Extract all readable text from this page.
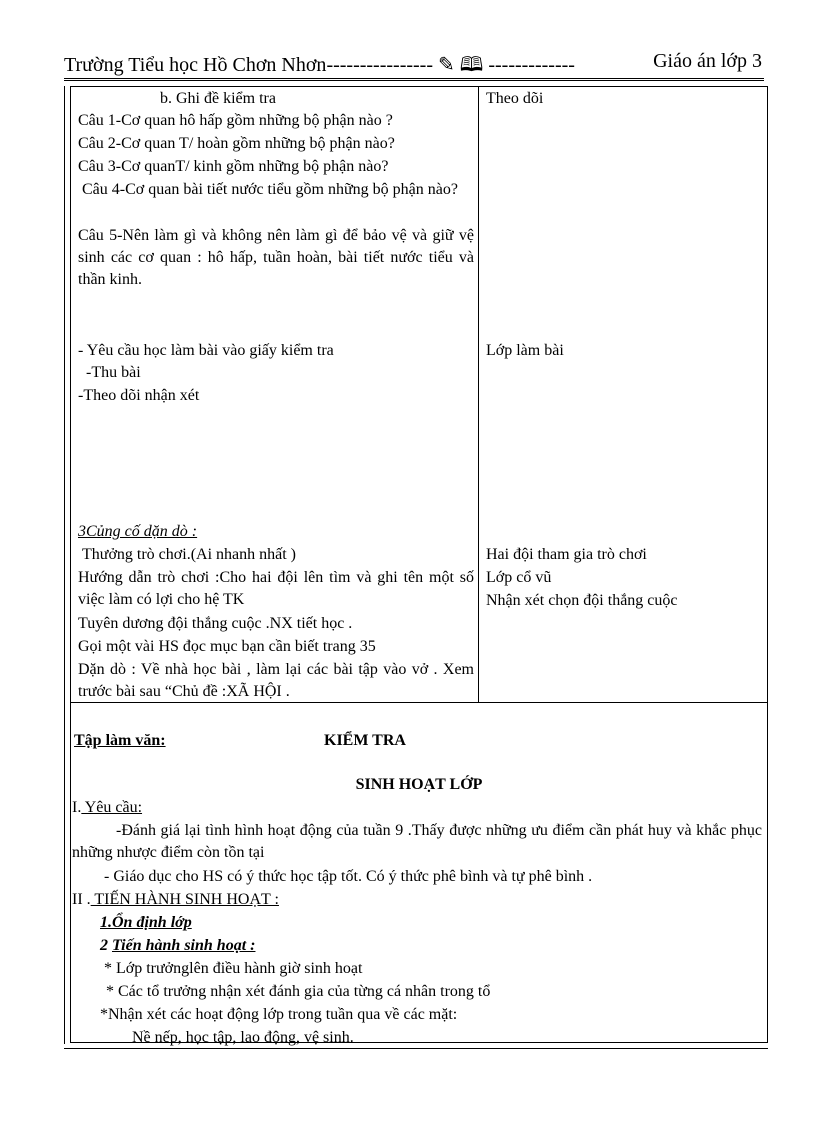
Trường Tiểu học Hồ Chơn Nhơn---------------- ✎ 🕮 -------------	Giáo án lớp 3
b. Ghi đề kiểm tra
Câu 1-Cơ quan hô hấp gồm những bộ phận nào ?
Câu 2-Cơ quan T/ hoàn gồm những bộ phận nào?
Câu 3-Cơ quanT/ kinh gồm những bộ phận nào?
Câu 4-Cơ quan bài tiết nước tiểu gồm những bộ phận nào?
Câu 5-Nên làm gì và không nên làm gì để bảo vệ và giữ vệ sinh các cơ quan : hô hấp, tuần hoàn, bài tiết nước tiểu và thần kinh.
Theo dõi
- Yêu cầu học làm bài vào giấy kiểm tra
-Thu bài
-Theo dõi nhận xét
Lớp làm bài
3Củng cố dặn dò :
Thưởng trò chơi.(Ai nhanh nhất )
Hướng dẫn trò chơi :Cho hai đội lên tìm và ghi tên một số việc làm có lợi cho hệ TK
Tuyên dương đội thắng cuộc .NX tiết học .
Gọi một vài HS đọc mục bạn cần biết trang 35
Dặn dò : Về nhà học bài , làm lại các bài tập vào vở . Xem trước bài sau “Chủ đề :XÃ HỘI .
Hai đội tham gia trò chơi
Lớp cổ vũ
Nhận xét chọn đội thắng cuộc
Tập làm văn:	KIỂM TRA
SINH HOẠT LỚP
I. Yêu cầu:
-Đánh giá lại tình hình hoạt động của tuần 9 .Thấy được những ưu điểm cần phát huy và khắc phục những nhược điểm còn tồn tại
- Giáo dục cho HS có ý thức học tập tốt. Có ý thức phê bình và tự phê bình .
II . TIẾN HÀNH SINH HOẠT :
1.Ổn định lớp
2 Tiến hành sinh hoạt :
* Lớp trưởnglên điều hành giờ sinh hoạt
* Các tổ trưởng nhận xét đánh gia của từng cá nhân trong tổ
*Nhận xét các hoạt động lớp trong tuần qua về các mặt:
Nề nếp, học tập, lao động, vệ sinh.
